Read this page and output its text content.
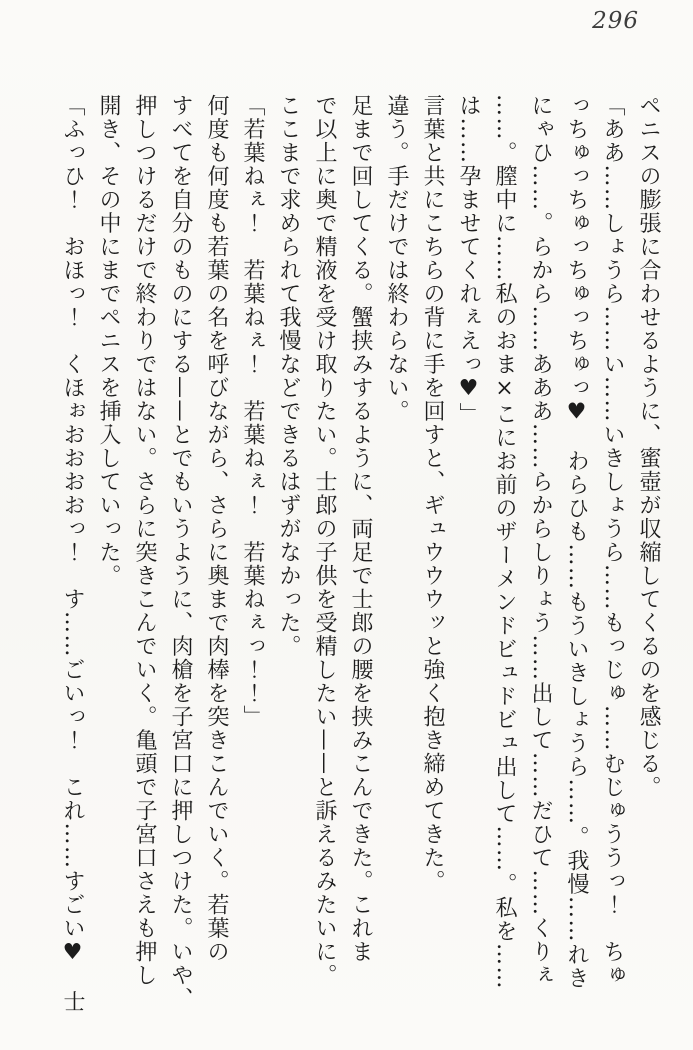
296

ペニスの膨張に合わせるように、蜜壺が収縮してくるのを感じる。

「ああ……しょうら……い……いきしょうら……もっじゅ……むじゅううっ！　ちゅ

っちゅっちゅっちゅっちゅっ♥　わらひも……もういきしょうら……。我慢……れき

にゃひ……。らから……あああ……らからしりょう……出して……だひて……くりぇ

……。膣中に……私のおま×こにお前のザーメンドビュドビュ出して……。私を……

は……孕ませてくれぇえっ♥」

言葉と共にこちらの背に手を回すと、ギュウウウッと強く抱き締めてきた。

違う。手だけでは終わらない。

足まで回してくる。蟹挟みするように、両足で士郎の腰を挟みこんできた。これま

で以上に奥で精液を受け取りたい。士郎の子供を受精したい——と訴えるみたいに。

ここまで求められて我慢などできるはずがなかった。

「若葉ねぇ！　若葉ねぇ！　若葉ねぇ！　若葉ねぇっ！！」

何度も何度も若葉の名を呼びながら、さらに奥まで肉棒を突きこんでいく。若葉の

すべてを自分のものにする——とでもいうように、肉槍を子宮口に押しつけた。いや、

押しつけるだけで終わりではない。さらに突きこんでいく。亀頭で子宮口さえも押し

開き、その中にまでペニスを挿入していった。

「ふっひ！　おほっ！　くほぉおおおおっ！　す……ごいっ！　これ……すごい♥　士
